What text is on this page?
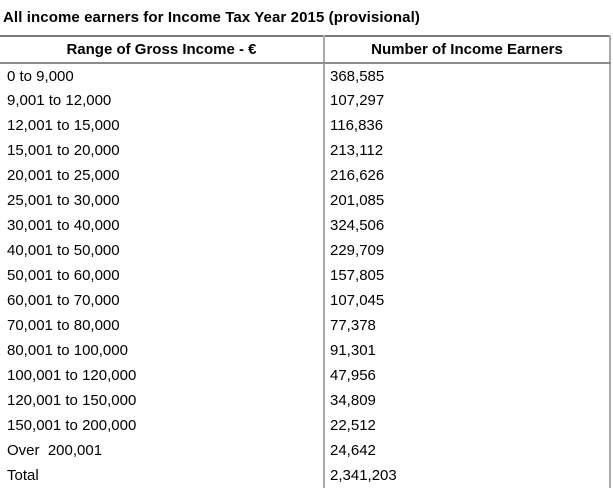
All income earners for Income Tax Year 2015 (provisional)
Range of Gross Income - €	Number of Income Earners
0 to 9,000	368,585
9,001 to 12,000	107,297
12,001 to 15,000	116,836
15,001 to 20,000	213,112
20,001 to 25,000	216,626
25,001 to 30,000	201,085
30,001 to 40,000	324,506
40,001 to 50,000	229,709
50,001 to 60,000	157,805
60,001 to 70,000	107,045
70,001 to 80,000	77,378
80,001 to 100,000	91,301
100,001 to 120,000	47,956
120,001 to 150,000	34,809
150,001 to 200,000	22,512
Over  200,001	24,642
Total	2,341,203
